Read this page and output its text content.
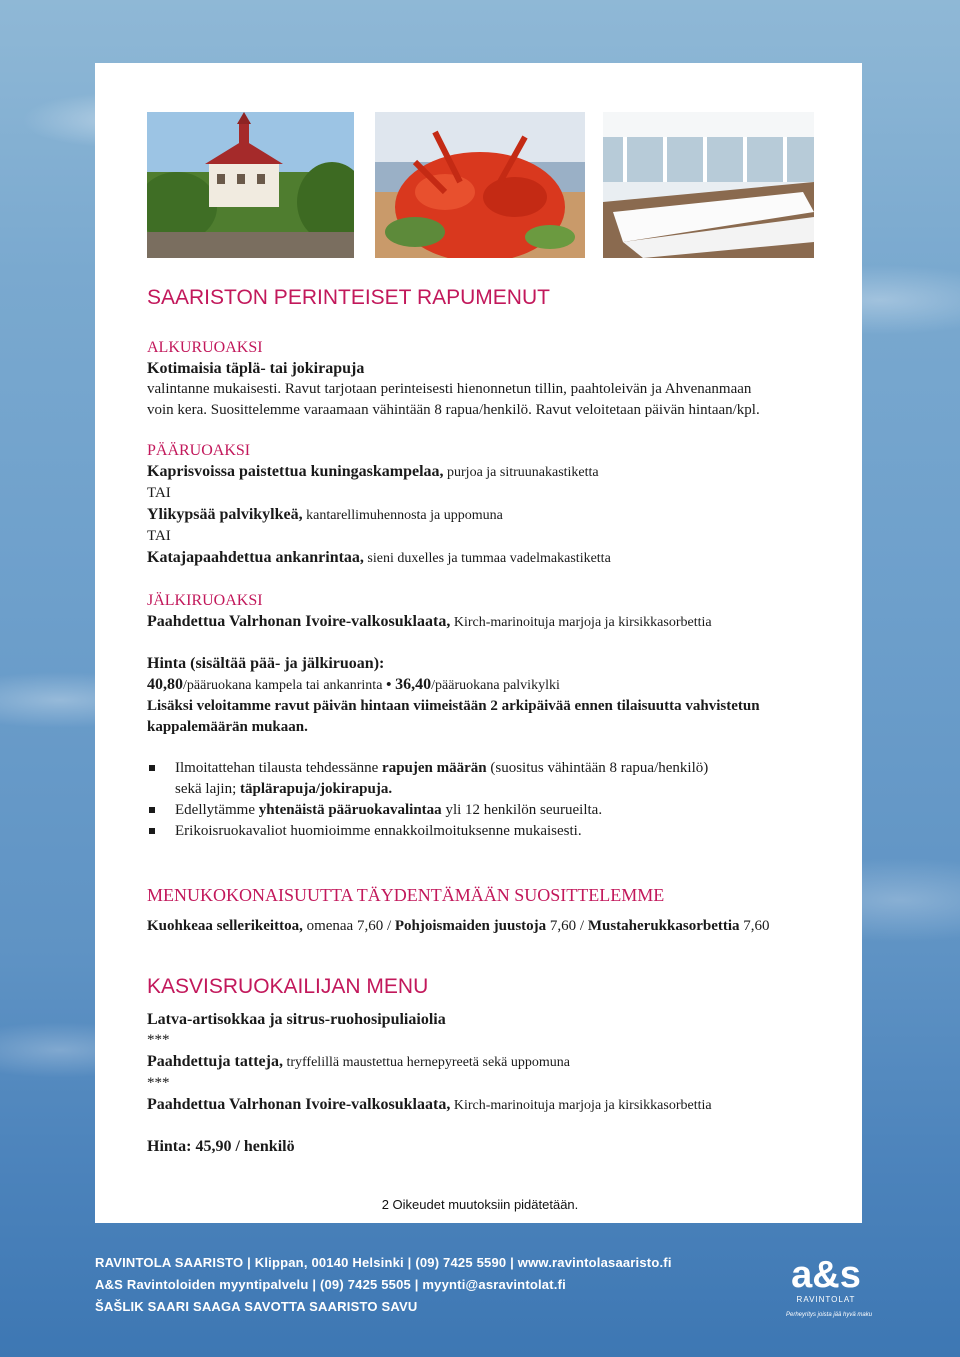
SAARISTON PERINTEISET RAPUMENUT
ALKURUOAKSI
Kotimaisia täplä- tai jokirapuja
valintanne mukaisesti. Ravut tarjotaan perinteisesti hienonnetun tillin, paahtoleivän ja Ahvenanmaan
voin kera. Suosittelemme varaamaan vähintään 8 rapua/henkilö. Ravut veloitetaan päivän hintaan/kpl.
PÄÄRUOAKSI
Kaprisvoissa paistettua kuningaskampelaa, purjoa ja sitruunakastiketta
TAI
Ylikypsää palvikylkeä, kantarellimuhennosta ja uppomuna
TAI
Katajapaahdettua ankanrintaa, sieni duxelles ja tummaa vadelmakastiketta
JÄLKIRUOAKSI
Paahdettua Valrhonan Ivoire-valkosuklaata, Kirch-marinoituja marjoja ja kirsikkasorbettia
Hinta (sisältää pää- ja jälkiruoan):
40,80/pääruokana kampela tai ankanrinta • 36,40/pääruokana palvikylki
Lisäksi veloitamme ravut päivän hintaan viimeistään 2 arkipäivää ennen tilaisuutta vahvistetun
kappalemäärän mukaan.
Ilmoitattehan tilausta tehdessänne rapujen määrän (suositus vähintään 8 rapua/henkilö)
sekä lajin; täplärapuja/jokirapuja.
Edellytämme yhtenäistä pääruokavalintaa yli 12 henkilön seurueilta.
Erikoisruokavaliot huomioimme ennakkoilmoituksenne mukaisesti.
MENUKOKONAISUUTTA TÄYDENTÄMÄÄN SUOSITTELEMME
Kuohkeaa sellerikeittoa, omenaa 7,60 / Pohjoismaiden juustoja 7,60 / Mustaherukkasorbettia 7,60
KASVISRUOKAILIJAN MENU
Latva-artisokkaa ja sitrus-ruohosipuliaiolia
***
Paahdettuja tatteja, tryffelillä maustettua hernepyreetä sekä uppomuna
***
Paahdettua Valrhonan Ivoire-valkosuklaata, Kirch-marinoituja marjoja ja kirsikkasorbettia
Hinta: 45,90 / henkilö
2 Oikeudet muutoksiin pidätetään.
RAVINTOLA SAARISTO | Klippan, 00140 Helsinki | (09) 7425 5590 | www.ravintolasaaristo.fi
A&S Ravintoloiden myyntipalvelu | (09) 7425 5505 | myynti@asravintolat.fi
ŠAŠLIK SAARI SAAGA SAVOTTA SAARISTO SAVU
a&s
RAVINTOLAT
Perheyritys joista jää hyvä maku
